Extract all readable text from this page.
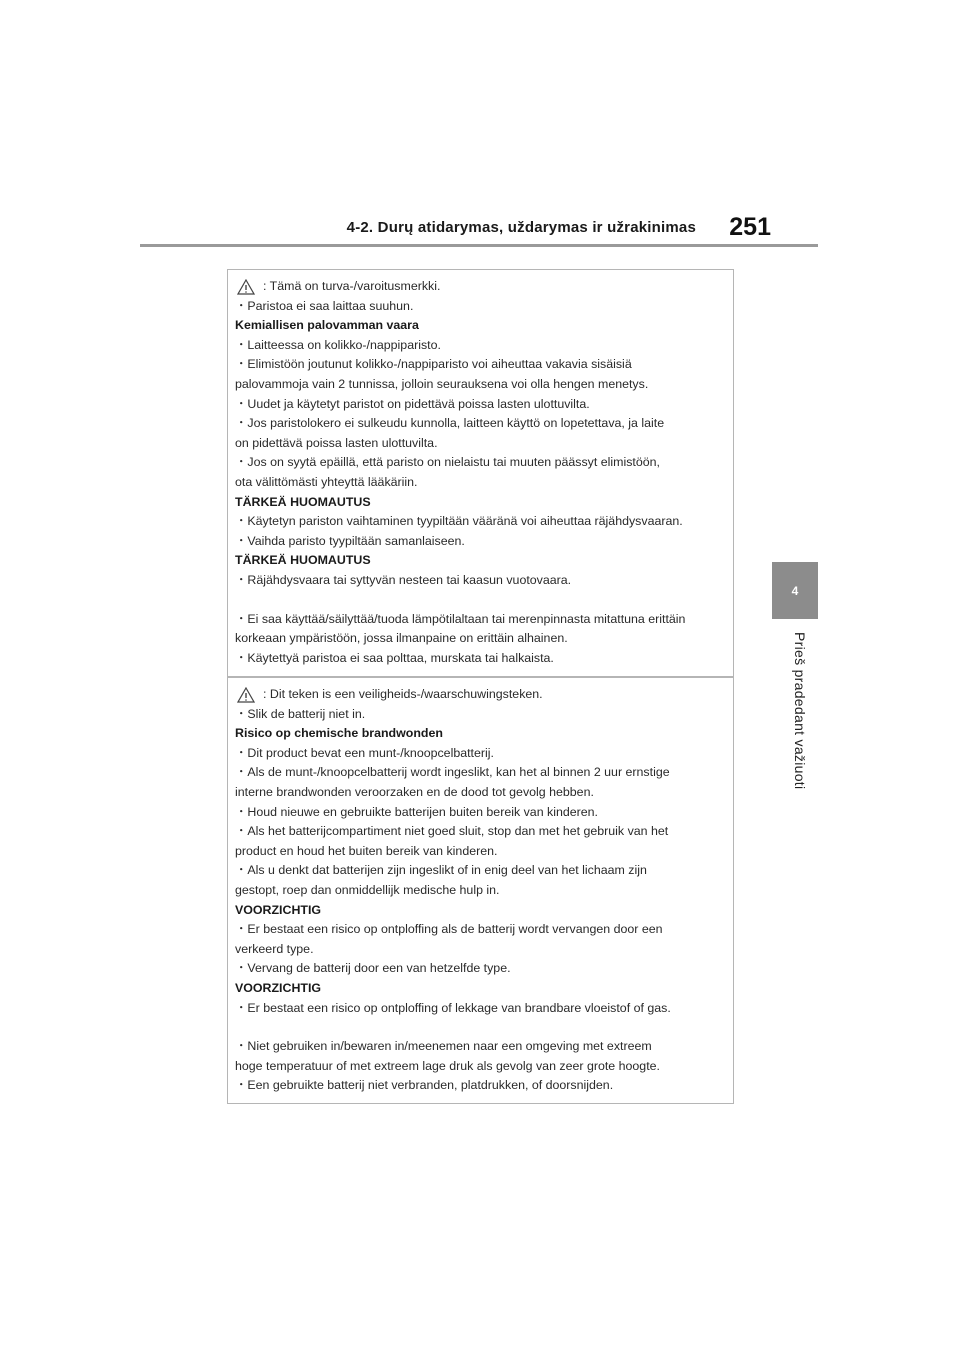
4-2. Durų atidarymas, uždarymas ir užrakinimas 251
4
Prieš pradedant važiuoti
: Tämä on turva-/varoitusmerkki.
・Paristoa ei saa laittaa suuhun.
Kemiallisen palovamman vaara
・Laitteessa on kolikko-/nappiparisto.
・Elimistöön joutunut kolikko-/nappiparisto voi aiheuttaa vakavia sisäisiä
palovammoja vain 2 tunnissa, jolloin seurauksena voi olla hengen menetys.
・Uudet ja käytetyt paristot on pidettävä poissa lasten ulottuvilta.
・Jos paristolokero ei sulkeudu kunnolla, laitteen käyttö on lopetettava, ja laite
on pidettävä poissa lasten ulottuvilta.
・Jos on syytä epäillä, että paristo on nielaistu tai muuten päässyt elimistöön,
ota välittömästi yhteyttä lääkäriin.
TÄRKEÄ HUOMAUTUS
・Käytetyn pariston vaihtaminen tyypiltään vääränä voi aiheuttaa räjähdysvaaran.
・Vaihda paristo tyypiltään samanlaiseen.
TÄRKEÄ HUOMAUTUS
・Räjähdysvaara tai syttyvän nesteen tai kaasun vuotovaara.
・Ei saa käyttää/säilyttää/tuoda lämpötilaltaan tai merenpinnasta mitattuna erittäin
korkeaan ympäristöön, jossa ilmanpaine on erittäin alhainen.
・Käytettyä paristoa ei saa polttaa, murskata tai halkaista.
: Dit teken is een veiligheids-/waarschuwingsteken.
・Slik de batterij niet in.
Risico op chemische brandwonden
・Dit product bevat een munt-/knoopcelbatterij.
・Als de munt-/knoopcelbatterij wordt ingeslikt, kan het al binnen 2 uur ernstige
interne brandwonden veroorzaken en de dood tot gevolg hebben.
・Houd nieuwe en gebruikte batterijen buiten bereik van kinderen.
・Als het batterijcompartiment niet goed sluit, stop dan met het gebruik van het
product en houd het buiten bereik van kinderen.
・Als u denkt dat batterijen zijn ingeslikt of in enig deel van het lichaam zijn
gestopt, roep dan onmiddellijk medische hulp in.
VOORZICHTIG
・Er bestaat een risico op ontploffing als de batterij wordt vervangen door een
verkeerd type.
・Vervang de batterij door een van hetzelfde type.
VOORZICHTIG
・Er bestaat een risico op ontploffing of lekkage van brandbare vloeistof of gas.
・Niet gebruiken in/bewaren in/meenemen naar een omgeving met extreem
hoge temperatuur of met extreem lage druk als gevolg van zeer grote hoogte.
・Een gebruikte batterij niet verbranden, platdrukken, of doorsnijden.
